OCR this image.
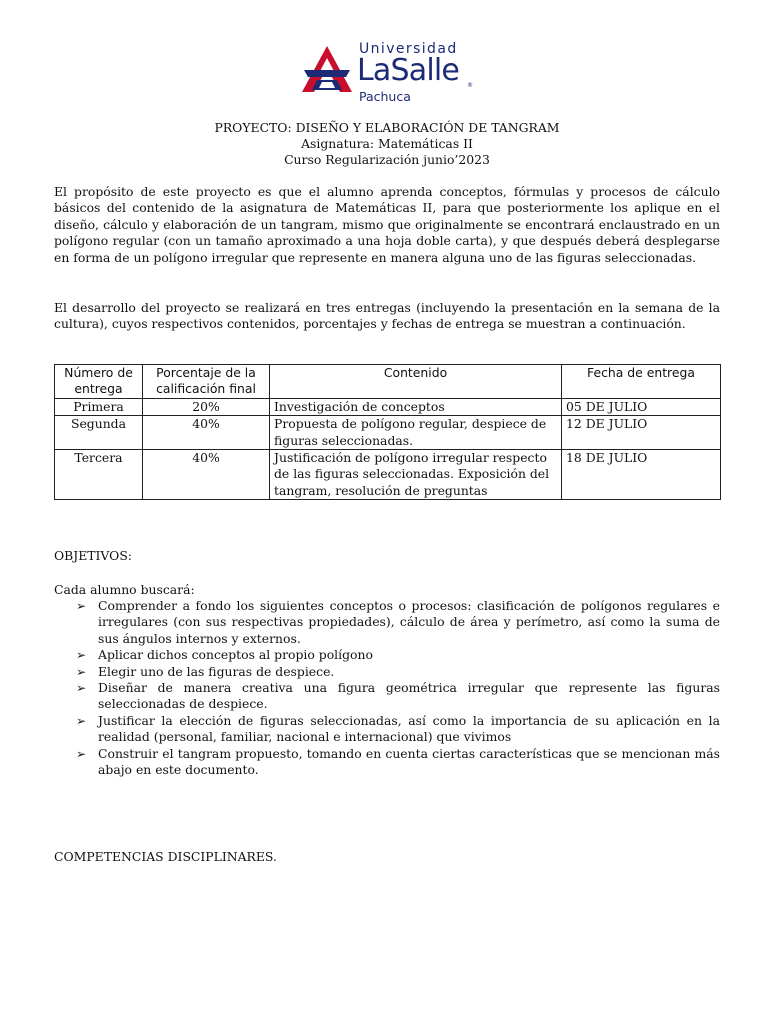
Universidad
LaSalle ®
Pachuca
PROYECTO: DISEÑO Y ELABORACIÓN DE TANGRAM
Asignatura: Matemáticas II
Curso Regularización junio’2023
El propósito de este proyecto es que el alumno aprenda conceptos, fórmulas y procesos de cálculo básicos del contenido de la asignatura de Matemáticas II, para que posteriormente los aplique en el diseño, cálculo y elaboración de un tangram, mismo que originalmente se encontrará enclaustrado en un polígono regular (con un tamaño aproximado a una hoja doble carta), y que después deberá desplegarse en forma de un polígono irregular que represente en manera alguna uno de las figuras seleccionadas.
El desarrollo del proyecto se realizará en tres entregas (incluyendo la presentación en la semana de la cultura), cuyos respectivos contenidos, porcentajes y fechas de entrega se muestran a continuación.
Número de entrega	Porcentaje de la calificación final	Contenido	Fecha de entrega
Primera	20%	Investigación de conceptos	05 DE JULIO
Segunda	40%	Propuesta de polígono regular, despiece de figuras seleccionadas.	12 DE JULIO
Tercera	40%	Justificación de polígono irregular respecto de las figuras seleccionadas. Exposición del tangram, resolución de preguntas	18 DE JULIO
OBJETIVOS:
Cada alumno buscará:
➢ Comprender a fondo los siguientes conceptos o procesos: clasificación de polígonos regulares e irregulares (con sus respectivas propiedades), cálculo de área y perímetro, así como la suma de sus ángulos internos y externos.
➢ Aplicar dichos conceptos al propio polígono
➢ Elegir uno de las figuras de despiece.
➢ Diseñar de manera creativa una figura geométrica irregular que represente las figuras seleccionadas de despiece.
➢ Justificar la elección de figuras seleccionadas, así como la importancia de su aplicación en la realidad (personal, familiar, nacional e internacional) que vivimos
➢ Construir el tangram propuesto, tomando en cuenta ciertas características que se mencionan más abajo en este documento.
COMPETENCIAS DISCIPLINARES.
